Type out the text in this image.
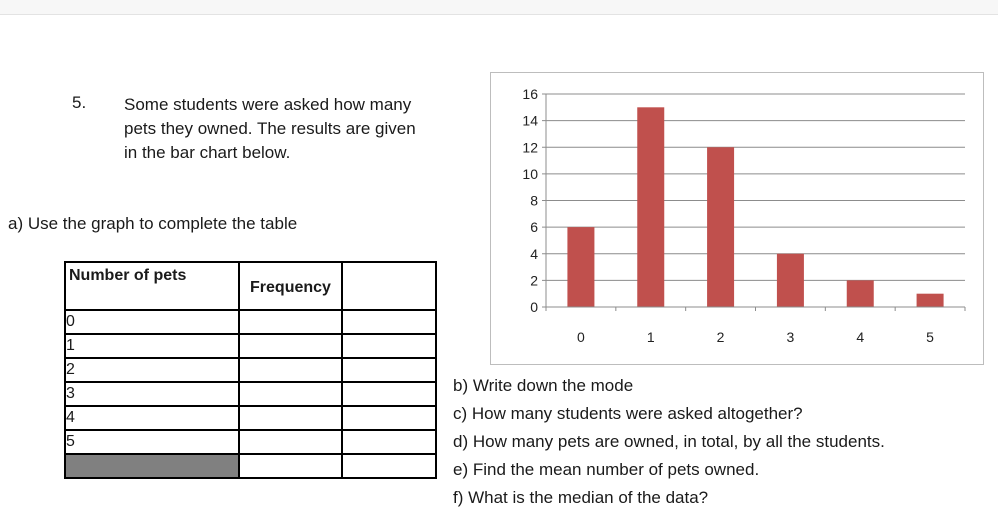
5. Some students were asked how many
pets they owned. The results are given
in the bar chart below.
a) Use the graph to complete the table
Number of pets	Frequency	

0		
1		
2		
3		
4		
5		

0
2
4
6
8
10
12
14
16
0	1	2	3	4	5
b) Write down the mode
c) How many students were asked altogether?
d) How many pets are owned, in total, by all the students.
e) Find the mean number of pets owned.
f) What is the median of the data?
